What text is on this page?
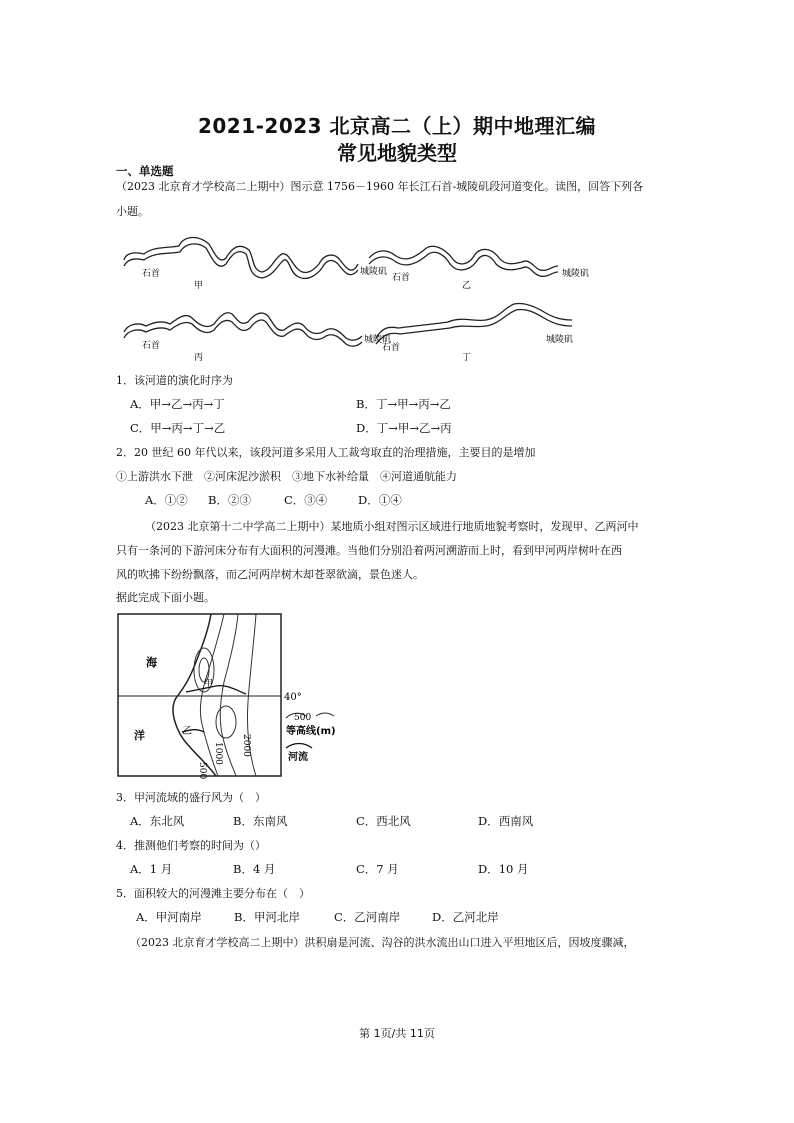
2021-2023 北京高二（上）期中地理汇编
常见地貌类型
一、单选题
（2023 北京育才学校高二上期中）图示意 1756－1960 年长江石首-城陵矶段河道变化。读图，回答下列各
小题。
石首	城陵矶
甲
石首	城陵矶
乙
石首
城陵矶
丙
石首
城陵矶
丁
1．该河道的演化时序为
A．甲→乙→丙→丁	B．丁→甲→丙→乙
C．甲→丙→丁→乙	D．丁→甲→乙→丙
2．20 世纪 60 年代以来，该段河道多采用人工裁弯取直的治理措施，主要目的是增加
①上游洪水下泄　②河床泥沙淤积　③地下水补给量　④河道通航能力
A．①② B．②③	C．③④	D．①④
（2023 北京第十二中学高二上期中）某地质小组对图示区域进行地质地貌考察时，发现甲、乙两河中
只有一条河的下游河床分布有大面积的河漫滩。当他们分别沿着两河溯游而上时，看到甲河两岸树叶在西
风的吹拂下纷纷飘落，而乙河两岸树木却苍翠欲滴，景色迷人。
据此完成下面小题。
海
洋
甲
乙
40°
500
1000 2000
500
等高线(m)
河流
3．甲河流域的盛行风为（　）
A．东北风	B．东南风	C．西北风	D．西南风
4．推测他们考察的时间为（）
A．1 月	B．4 月	C．7 月	D．10 月
5．面积较大的河漫滩主要分布在（　）
A．甲河南岸	B．甲河北岸	C．乙河南岸	D．乙河北岸
（2023 北京育才学校高二上期中）洪积扇是河流、沟谷的洪水流出山口进入平坦地区后，因坡度骤减，
第 1页/共 11页
